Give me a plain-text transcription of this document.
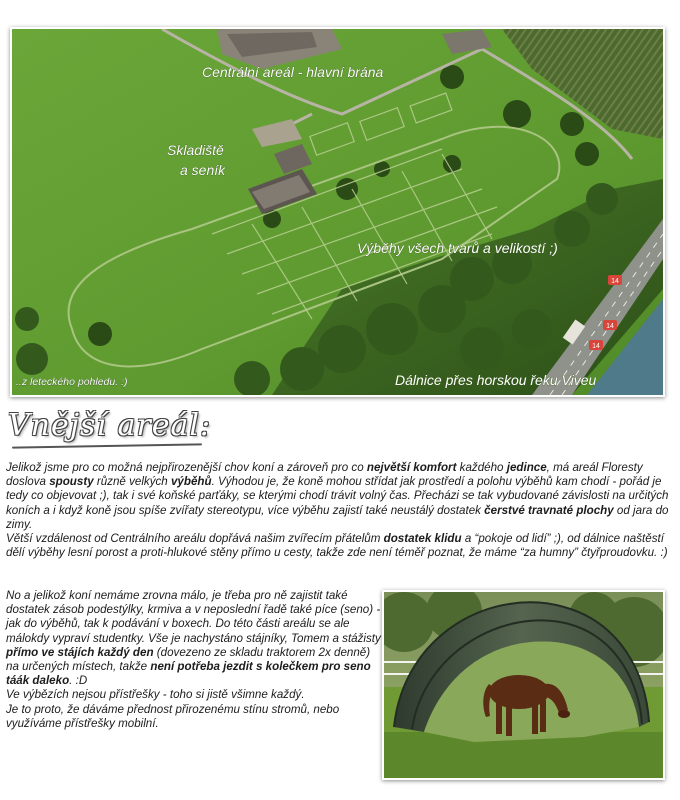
14
14
14
Centrální areál - hlavní brána
Skladiště
a seník
Výběhy všech tvarů a velikostí ;)
Dálnice přes horskou řeku Viveu
..z leteckého pohledu. :)
Vnější areál:

Jelikož jsme pro co možná nejpřirozenější chov koní a zároveň pro co největší komfort každého jedince, má areál Floresty doslova spousty různě velkých výběhů. Výhodou je, že koně mohou střídat jak prostředí a polohu výběhů kam chodí - pořád je tedy co objevovat ;), tak i své koňské parťáky, se kterými chodí trávit volný čas. Přecházi se tak vybudované závislosti na určitých koních a i když koně jsou spíše zvířaty stereotypu, více výběhu zajistí také neustálý dostatek čerstvé travnaté plochy od jara do zimy.

Větší vzdálenost od Centrálního areálu dopřává našim zvířecím přátelům dostatek klidu a “pokoje od lidí” ;), od dálnice naštěstí dělí výběhy lesní porost a proti-hlukové stěny přímo u cesty, takže zde není téměř poznat, že máme “za humny” čtyřproudovku. :)

No a jelikož koní nemáme zrovna málo, je třeba pro ně zajistit také dostatek zásob podestýlky, krmiva a v neposlední řadě také píce (seno) - jak do výběhů, tak k podávání v boxech. Do této části areálu se ale málokdy vypraví studentky. Vše je nachystáno stájníky, Tomem a stážisty přímo ve stájích každý den (dovezeno ze skladu traktorem 2x denně) na určených místech, takže není potřeba jezdit s kolečkem pro seno táák daleko. :D

Ve výbězích nejsou přístřešky - toho si jistě všimne každý.

Je to proto, že dáváme přednost přirozenému stínu stromů, nebo využíváme přístřešky mobilní.
